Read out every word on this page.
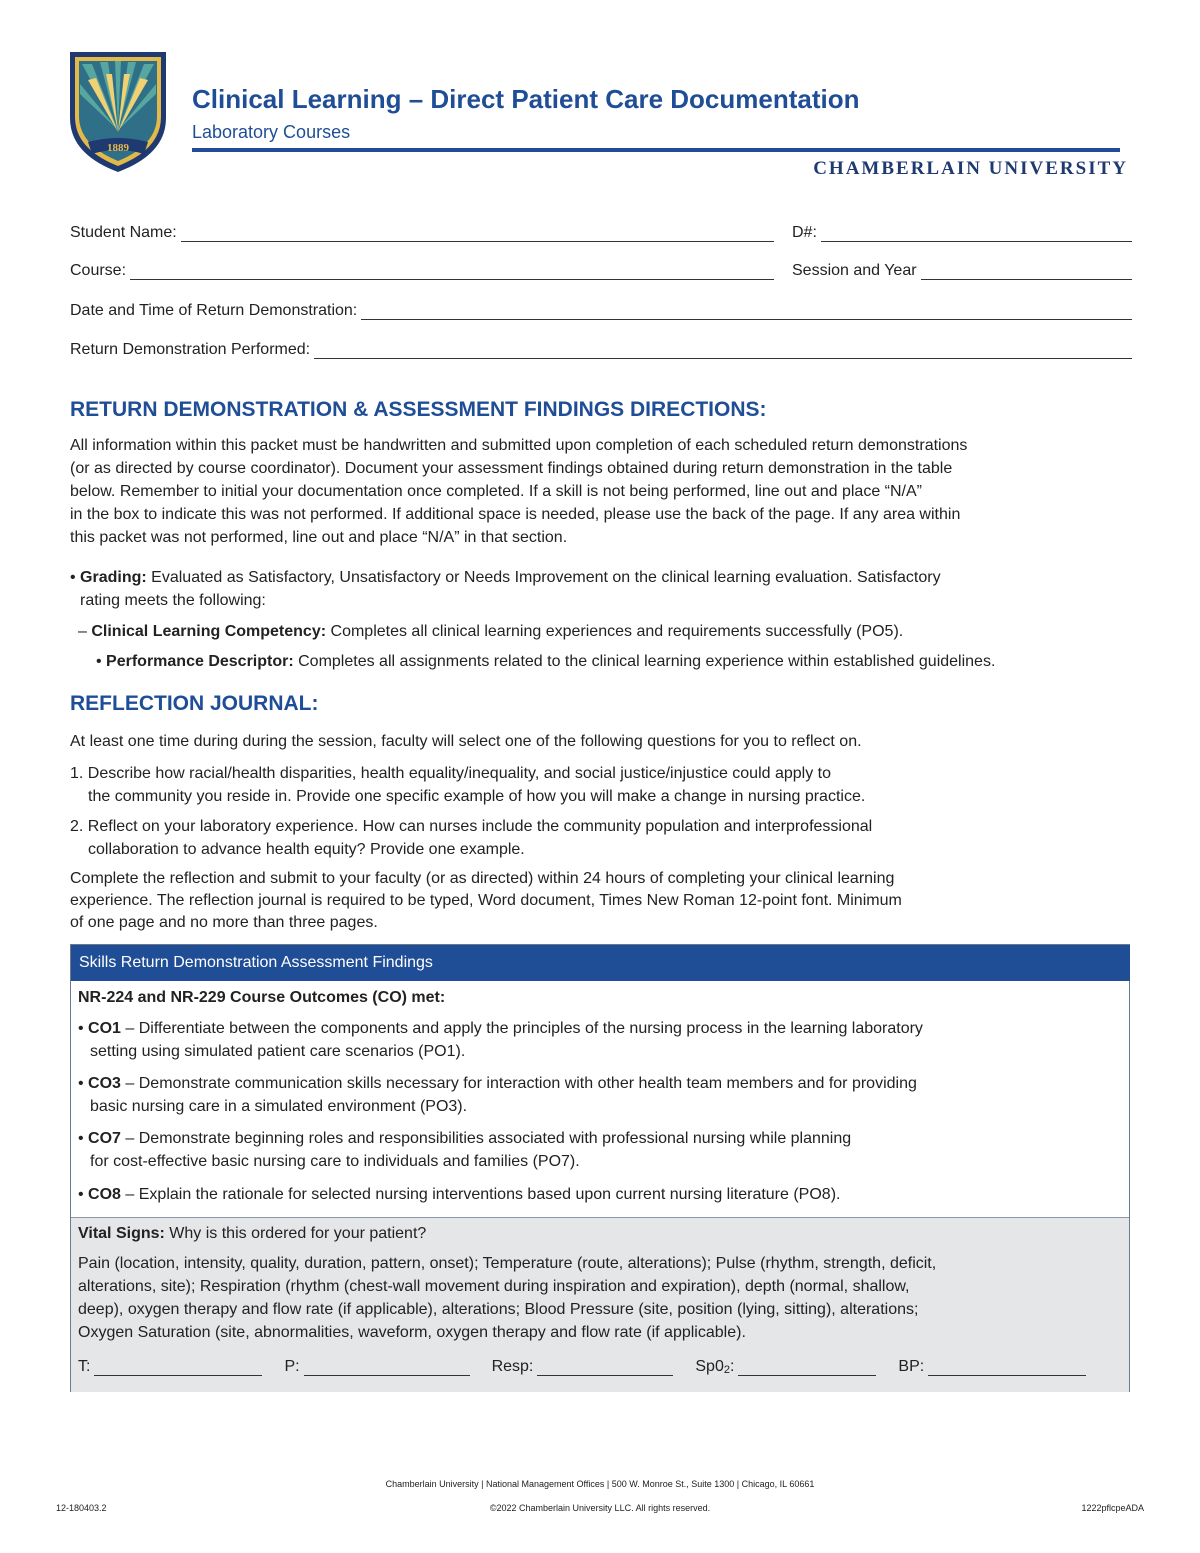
1889
Clinical Learning – Direct Patient Care Documentation
Laboratory Courses
CHAMBERLAIN UNIVERSITY
Student Name:	D#:
Course:	Session and Year
Date and Time of Return Demonstration:
Return Demonstration Performed:
RETURN DEMONSTRATION & ASSESSMENT FINDINGS DIRECTIONS:
All information within this packet must be handwritten and submitted upon completion of each scheduled return demonstrations
(or as directed by course coordinator). Document your assessment findings obtained during return demonstration in the table
below. Remember to initial your documentation once completed. If a skill is not being performed, line out and place “N/A”
in the box to indicate this was not performed. If additional space is needed, please use the back of the page. If any area within
this packet was not performed, line out and place “N/A” in that section.
• Grading: Evaluated as Satisfactory, Unsatisfactory or Needs Improvement on the clinical learning evaluation. Satisfactory
rating meets the following:
– Clinical Learning Competency: Completes all clinical learning experiences and requirements successfully (PO5).
• Performance Descriptor: Completes all assignments related to the clinical learning experience within established guidelines.
REFLECTION JOURNAL:
At least one time during during the session, faculty will select one of the following questions for you to reflect on.
1. Describe how racial/health disparities, health equality/inequality, and social justice/injustice could apply to
the community you reside in. Provide one specific example of how you will make a change in nursing practice.
2. Reflect on your laboratory experience. How can nurses include the community population and interprofessional
collaboration to advance health equity? Provide one example.
Complete the reflection and submit to your faculty (or as directed) within 24 hours of completing your clinical learning
experience. The reflection journal is required to be typed, Word document, Times New Roman 12-point font. Minimum
of one page and no more than three pages.
Skills Return Demonstration Assessment Findings
NR-224 and NR-229 Course Outcomes (CO) met:
• CO1 – Differentiate between the components and apply the principles of the nursing process in the learning laboratory
setting using simulated patient care scenarios (PO1).
• CO3 – Demonstrate communication skills necessary for interaction with other health team members and for providing
basic nursing care in a simulated environment (PO3).
• CO7 – Demonstrate beginning roles and responsibilities associated with professional nursing while planning
for cost-effective basic nursing care to individuals and families (PO7).
• CO8 – Explain the rationale for selected nursing interventions based upon current nursing literature (PO8).
Vital Signs: Why is this ordered for your patient?
Pain (location, intensity, quality, duration, pattern, onset); Temperature (route, alterations); Pulse (rhythm, strength, deficit,
alterations, site); Respiration (rhythm (chest-wall movement during inspiration and expiration), depth (normal, shallow,
deep), oxygen therapy and flow rate (if applicable), alterations; Blood Pressure (site, position (lying, sitting), alterations;
Oxygen Saturation (site, abnormalities, waveform, oxygen therapy and flow rate (if applicable).
T:	P:	Resp:	Sp0 2 :	BP:
Chamberlain University | National Management Offices | 500 W. Monroe St., Suite 1300 | Chicago, IL 60661
©2022 Chamberlain University LLC. All rights reserved.
12-180403.2	1222pflcpeADA
